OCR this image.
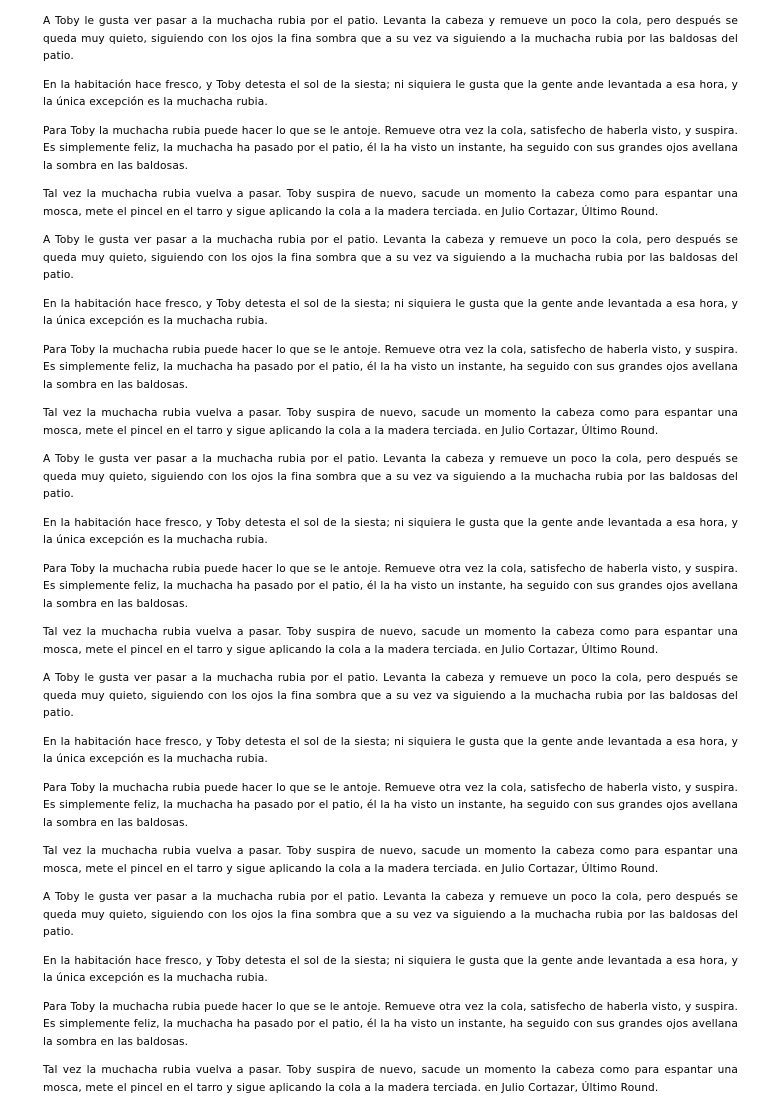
A Toby le gusta ver pasar a la muchacha rubia por el patio. Levanta la cabeza y remueve un poco la cola, pero después se queda muy quieto, siguiendo con los ojos la fina sombra que a su vez va siguiendo a la muchacha rubia por las baldosas del patio.

En la habitación hace fresco, y Toby detesta el sol de la siesta; ni siquiera le gusta que la gente ande levantada a esa hora, y la única excepción es la muchacha rubia.

Para Toby la muchacha rubia puede hacer lo que se le antoje. Remueve otra vez la cola, satisfecho de haberla visto, y suspira. Es simplemente feliz, la muchacha ha pasado por el patio, él la ha visto un instante, ha seguido con sus grandes ojos avellana la sombra en las baldosas.

Tal vez la muchacha rubia vuelva a pasar. Toby suspira de nuevo, sacude un momento la cabeza como para espantar una mosca, mete el pincel en el tarro y sigue aplicando la cola a la madera terciada. en Julio Cortazar, Último Round.

A Toby le gusta ver pasar a la muchacha rubia por el patio. Levanta la cabeza y remueve un poco la cola, pero después se queda muy quieto, siguiendo con los ojos la fina sombra que a su vez va siguiendo a la muchacha rubia por las baldosas del patio.

En la habitación hace fresco, y Toby detesta el sol de la siesta; ni siquiera le gusta que la gente ande levantada a esa hora, y la única excepción es la muchacha rubia.

Para Toby la muchacha rubia puede hacer lo que se le antoje. Remueve otra vez la cola, satisfecho de haberla visto, y suspira. Es simplemente feliz, la muchacha ha pasado por el patio, él la ha visto un instante, ha seguido con sus grandes ojos avellana la sombra en las baldosas.

Tal vez la muchacha rubia vuelva a pasar. Toby suspira de nuevo, sacude un momento la cabeza como para espantar una mosca, mete el pincel en el tarro y sigue aplicando la cola a la madera terciada. en Julio Cortazar, Último Round.

A Toby le gusta ver pasar a la muchacha rubia por el patio. Levanta la cabeza y remueve un poco la cola, pero después se queda muy quieto, siguiendo con los ojos la fina sombra que a su vez va siguiendo a la muchacha rubia por las baldosas del patio.

En la habitación hace fresco, y Toby detesta el sol de la siesta; ni siquiera le gusta que la gente ande levantada a esa hora, y la única excepción es la muchacha rubia.

Para Toby la muchacha rubia puede hacer lo que se le antoje. Remueve otra vez la cola, satisfecho de haberla visto, y suspira. Es simplemente feliz, la muchacha ha pasado por el patio, él la ha visto un instante, ha seguido con sus grandes ojos avellana la sombra en las baldosas.

Tal vez la muchacha rubia vuelva a pasar. Toby suspira de nuevo, sacude un momento la cabeza como para espantar una mosca, mete el pincel en el tarro y sigue aplicando la cola a la madera terciada. en Julio Cortazar, Último Round.

A Toby le gusta ver pasar a la muchacha rubia por el patio. Levanta la cabeza y remueve un poco la cola, pero después se queda muy quieto, siguiendo con los ojos la fina sombra que a su vez va siguiendo a la muchacha rubia por las baldosas del patio.

En la habitación hace fresco, y Toby detesta el sol de la siesta; ni siquiera le gusta que la gente ande levantada a esa hora, y la única excepción es la muchacha rubia.

Para Toby la muchacha rubia puede hacer lo que se le antoje. Remueve otra vez la cola, satisfecho de haberla visto, y suspira. Es simplemente feliz, la muchacha ha pasado por el patio, él la ha visto un instante, ha seguido con sus grandes ojos avellana la sombra en las baldosas.

Tal vez la muchacha rubia vuelva a pasar. Toby suspira de nuevo, sacude un momento la cabeza como para espantar una mosca, mete el pincel en el tarro y sigue aplicando la cola a la madera terciada. en Julio Cortazar, Último Round.

A Toby le gusta ver pasar a la muchacha rubia por el patio. Levanta la cabeza y remueve un poco la cola, pero después se queda muy quieto, siguiendo con los ojos la fina sombra que a su vez va siguiendo a la muchacha rubia por las baldosas del patio.

En la habitación hace fresco, y Toby detesta el sol de la siesta; ni siquiera le gusta que la gente ande levantada a esa hora, y la única excepción es la muchacha rubia.

Para Toby la muchacha rubia puede hacer lo que se le antoje. Remueve otra vez la cola, satisfecho de haberla visto, y suspira. Es simplemente feliz, la muchacha ha pasado por el patio, él la ha visto un instante, ha seguido con sus grandes ojos avellana la sombra en las baldosas.

Tal vez la muchacha rubia vuelva a pasar. Toby suspira de nuevo, sacude un momento la cabeza como para espantar una mosca, mete el pincel en el tarro y sigue aplicando la cola a la madera terciada. en Julio Cortazar, Último Round.
